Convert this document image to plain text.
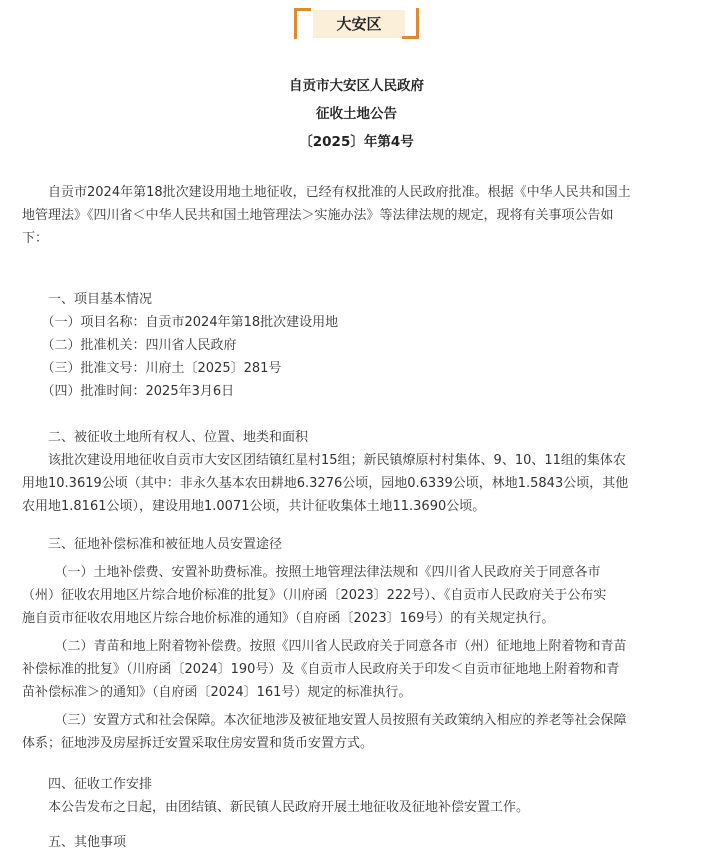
大安区
自贡市大安区人民政府
征收土地公告
〔2025〕年第4号
　　自贡市2024年第18批次建设用地土地征收，已经有权批准的人民政府批准。根据《中华人民共和国土
地管理法》《四川省＜中华人民共和国土地管理法＞实施办法》等法律法规的规定，现将有关事项公告如
下：
　　一、项目基本情况
　　（一）项目名称：自贡市2024年第18批次建设用地
　　（二）批准机关：四川省人民政府
　　（三）批准文号：川府土〔2025〕281号
　　（四）批准时间：2025年3月6日
　　二、被征收土地所有权人、位置、地类和面积
　　该批次建设用地征收自贡市大安区团结镇红星村15组；新民镇燎原村村集体、9、10、11组的集体农
用地10.3619公顷（其中：非永久基本农田耕地6.3276公顷，园地0.6339公顷，林地1.5843公顷，其他
农用地1.8161公顷），建设用地1.0071公顷，共计征收集体土地11.3690公顷。
　　三、征地补偿标准和被征地人员安置途径
　　　（一）土地补偿费、安置补助费标准。按照土地管理法律法规和《四川省人民政府关于同意各市
（州）征收农用地区片综合地价标准的批复》（川府函〔2023〕222号）、《自贡市人民政府关于公布实
施自贡市征收农用地区片综合地价标准的通知》（自府函〔2023〕169号）的有关规定执行。
　　　（二）青苗和地上附着物补偿费。按照《四川省人民政府关于同意各市（州）征地地上附着物和青苗
补偿标准的批复》（川府函〔2024〕190号）及《自贡市人民政府关于印发＜自贡市征地地上附着物和青
苗补偿标准＞的通知》（自府函〔2024〕161号）规定的标准执行。
　　　（三）安置方式和社会保障。本次征地涉及被征地安置人员按照有关政策纳入相应的养老等社会保障
体系；征地涉及房屋拆迁安置采取住房安置和货币安置方式。
　　四、征收工作安排
　　本公告发布之日起，由团结镇、新民镇人民政府开展土地征收及征地补偿安置工作。
　　五、其他事项
